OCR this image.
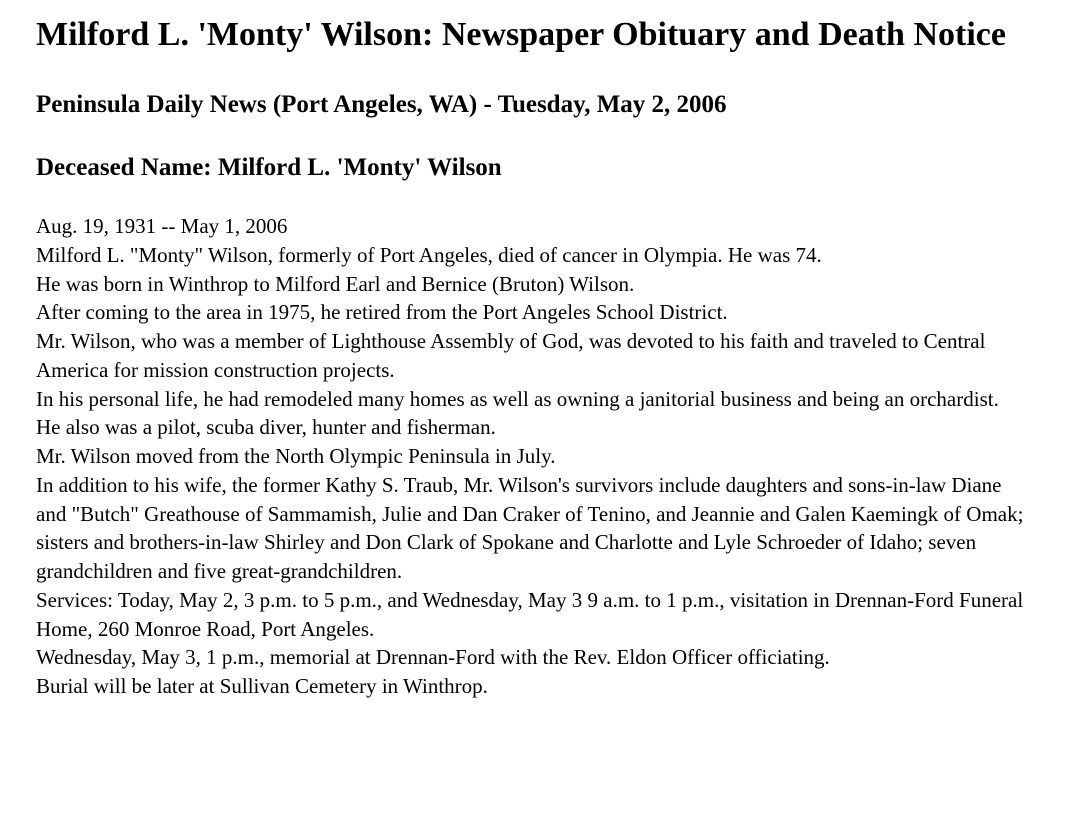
Milford L. 'Monty' Wilson: Newspaper Obituary and Death Notice
Peninsula Daily News (Port Angeles, WA) - Tuesday, May 2, 2006
Deceased Name: Milford L. 'Monty' Wilson
Aug. 19, 1931 -- May 1, 2006
Milford L. "Monty" Wilson, formerly of Port Angeles, died of cancer in Olympia. He was 74.
He was born in Winthrop to Milford Earl and Bernice (Bruton) Wilson.
After coming to the area in 1975, he retired from the Port Angeles School District.
Mr. Wilson, who was a member of Lighthouse Assembly of God, was devoted to his faith and traveled to Central America for mission construction projects.
In his personal life, he had remodeled many homes as well as owning a janitorial business and being an orchardist.
He also was a pilot, scuba diver, hunter and fisherman.
Mr. Wilson moved from the North Olympic Peninsula in July.
In addition to his wife, the former Kathy S. Traub, Mr. Wilson's survivors include daughters and sons-in-law Diane and "Butch" Greathouse of Sammamish, Julie and Dan Craker of Tenino, and Jeannie and Galen Kaemingk of Omak; sisters and brothers-in-law Shirley and Don Clark of Spokane and Charlotte and Lyle Schroeder of Idaho; seven grandchildren and five great-grandchildren.
Services: Today, May 2, 3 p.m. to 5 p.m., and Wednesday, May 3 9 a.m. to 1 p.m., visitation in Drennan-Ford Funeral Home, 260 Monroe Road, Port Angeles.
Wednesday, May 3, 1 p.m., memorial at Drennan-Ford with the Rev. Eldon Officer officiating.
Burial will be later at Sullivan Cemetery in Winthrop.
